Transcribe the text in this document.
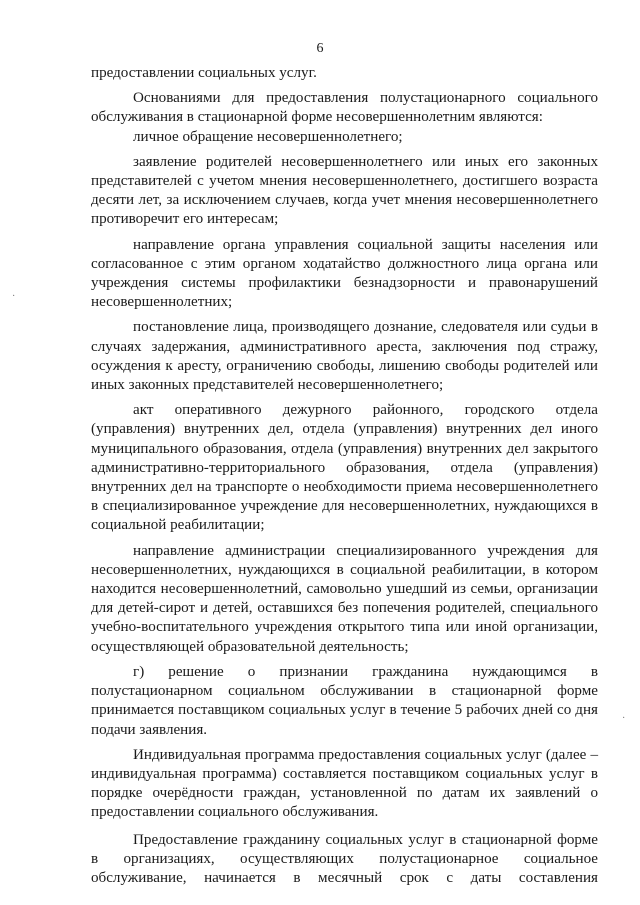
6
·
·

предоставлении социальных услуг.

Основаниями для предоставления полустационарного социального обслуживания в стационарной форме несовершеннолетним являются:

личное обращение несовершеннолетнего;

заявление родителей несовершеннолетнего или иных его законных представителей с учетом мнения несовершеннолетнего, достигшего возраста десяти лет, за исключением случаев, когда учет мнения несовершеннолетнего противоречит его интересам;

направление органа управления социальной защиты населения или согласованное с этим органом ходатайство должностного лица органа или учреждения системы профилактики безнадзорности и правонарушений несовершеннолетних;

постановление лица, производящего дознание, следователя или судьи в случаях задержания, административного ареста, заключения под стражу, осуждения к аресту, ограничению свободы, лишению свободы родителей или иных законных представителей несовершеннолетнего;

акт оперативного дежурного районного, городского отдела (управления) внутренних дел, отдела (управления) внутренних дел иного муниципального образования, отдела (управления) внутренних дел закрытого административно-территориального образования, отдела (управления) внутренних дел на транспорте о необходимости приема несовершеннолетнего в специализированное учреждение для несовершеннолетних, нуждающихся в социальной реабилитации;

направление администрации специализированного учреждения для несовершеннолетних, нуждающихся в социальной реабилитации, в котором находится несовершеннолетний, самовольно ушедший из семьи, организации для детей-сирот и детей, оставшихся без попечения родителей, специального учебно-воспитательного учреждения открытого типа или иной организации, осуществляющей образовательной деятельность;

г) решение о признании гражданина нуждающимся в полустационарном социальном обслуживании в стационарной форме принимается поставщиком социальных услуг в течение 5 рабочих дней со дня подачи заявления.

Индивидуальная программа предоставления социальных услуг (далее – индивидуальная программа) составляется поставщиком социальных услуг в порядке очерёдности граждан, установленной по датам их заявлений о предоставлении социального обслуживания.

Предоставление гражданину социальных услуг в стационарной форме в организациях, осуществляющих полустационарное социальное обслуживание, начинается в месячный срок с даты составления
